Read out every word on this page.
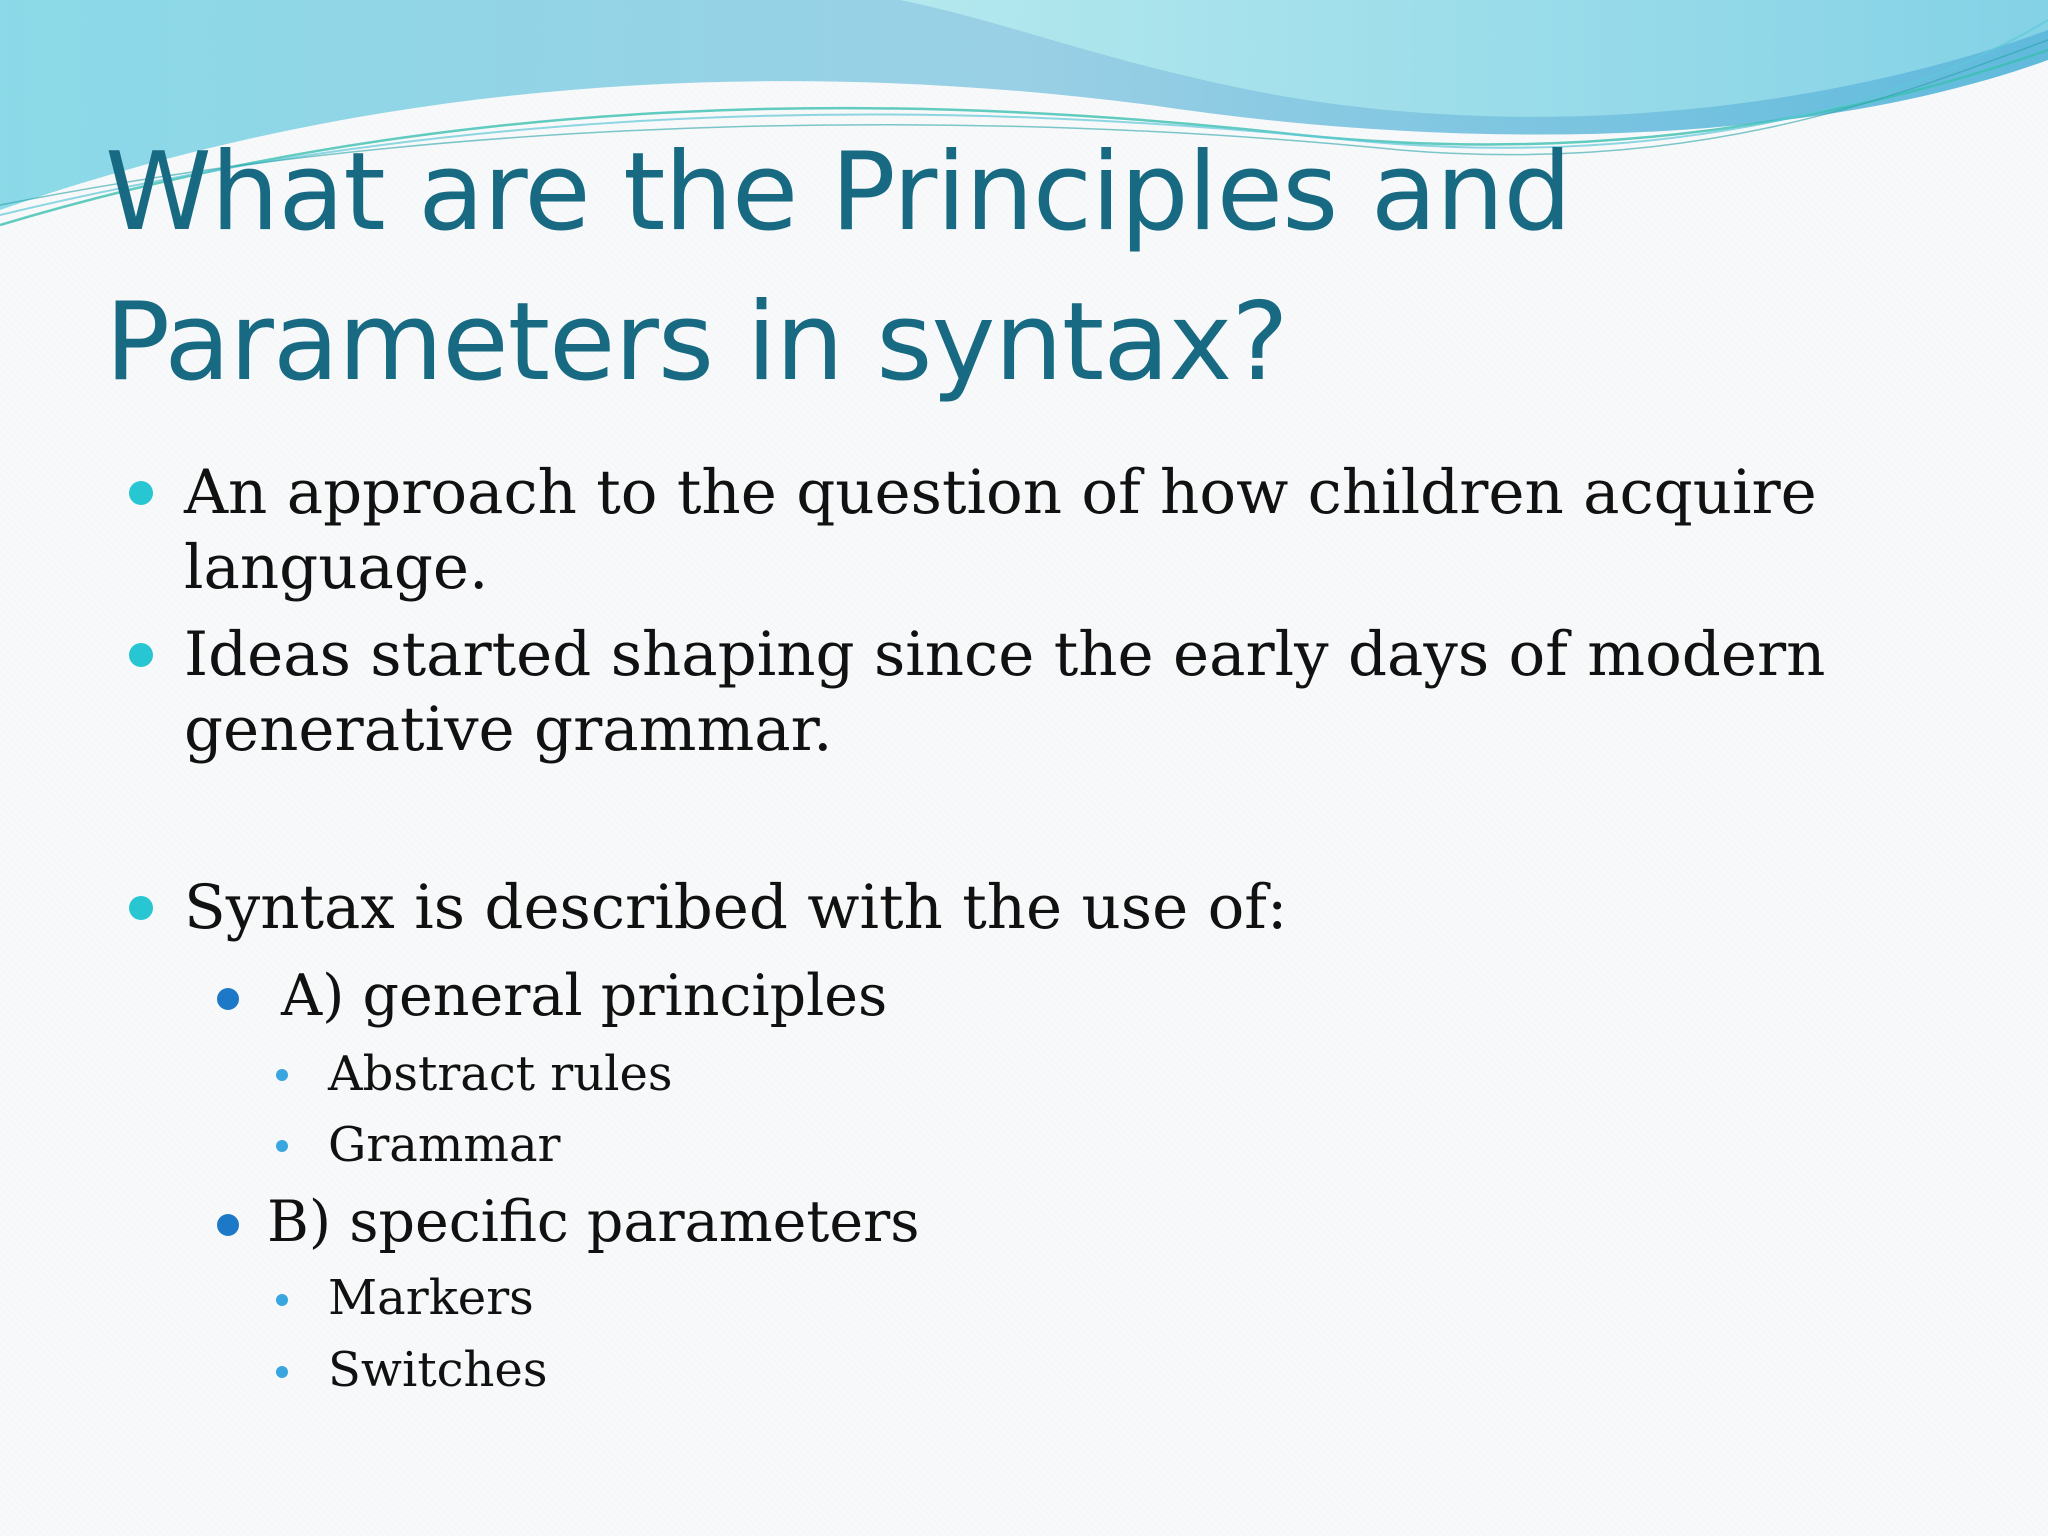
What are the Principles and Parameters in syntax?
An approach to the question of how children acquire
language.
Ideas started shaping since the early days of modern
generative grammar.
Syntax is described with the use of:
A) general principles
Abstract rules
Grammar
B) specific parameters
Markers
Switches
